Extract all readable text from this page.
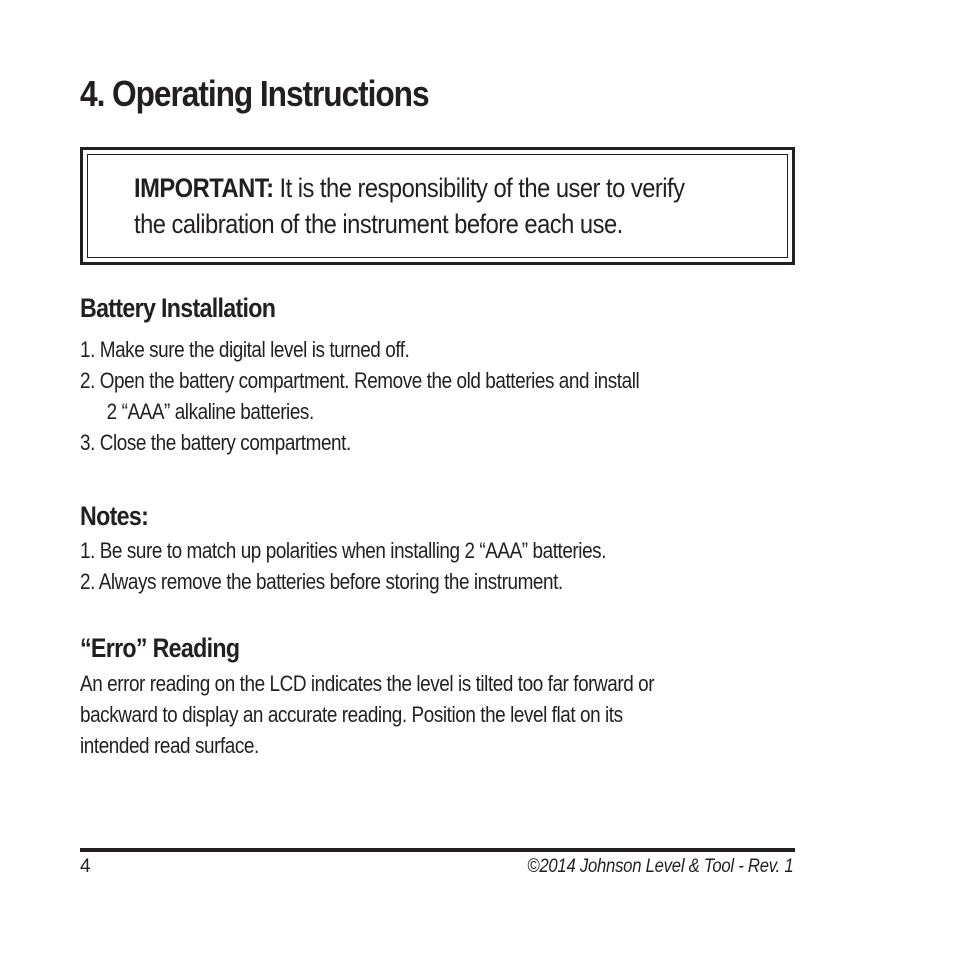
4. Operating Instructions

IMPORTANT: It is the responsibility of the user to verify
the calibration of the instrument before each use.

Battery Installation
1. Make sure the digital level is turned off.
2. Open the battery compartment. Remove the old batteries and install
2 “AAA” alkaline batteries.
3. Close the battery compartment.
Notes:
1. Be sure to match up polarities when installing 2 “AAA” batteries.
2. Always remove the batteries before storing the instrument.
“Erro” Reading

An error reading on the LCD indicates the level is tilted too far forward or
backward to display an accurate reading. Position the level flat on its
intended read surface.

4	©2014 Johnson Level & Tool - Rev. 1
